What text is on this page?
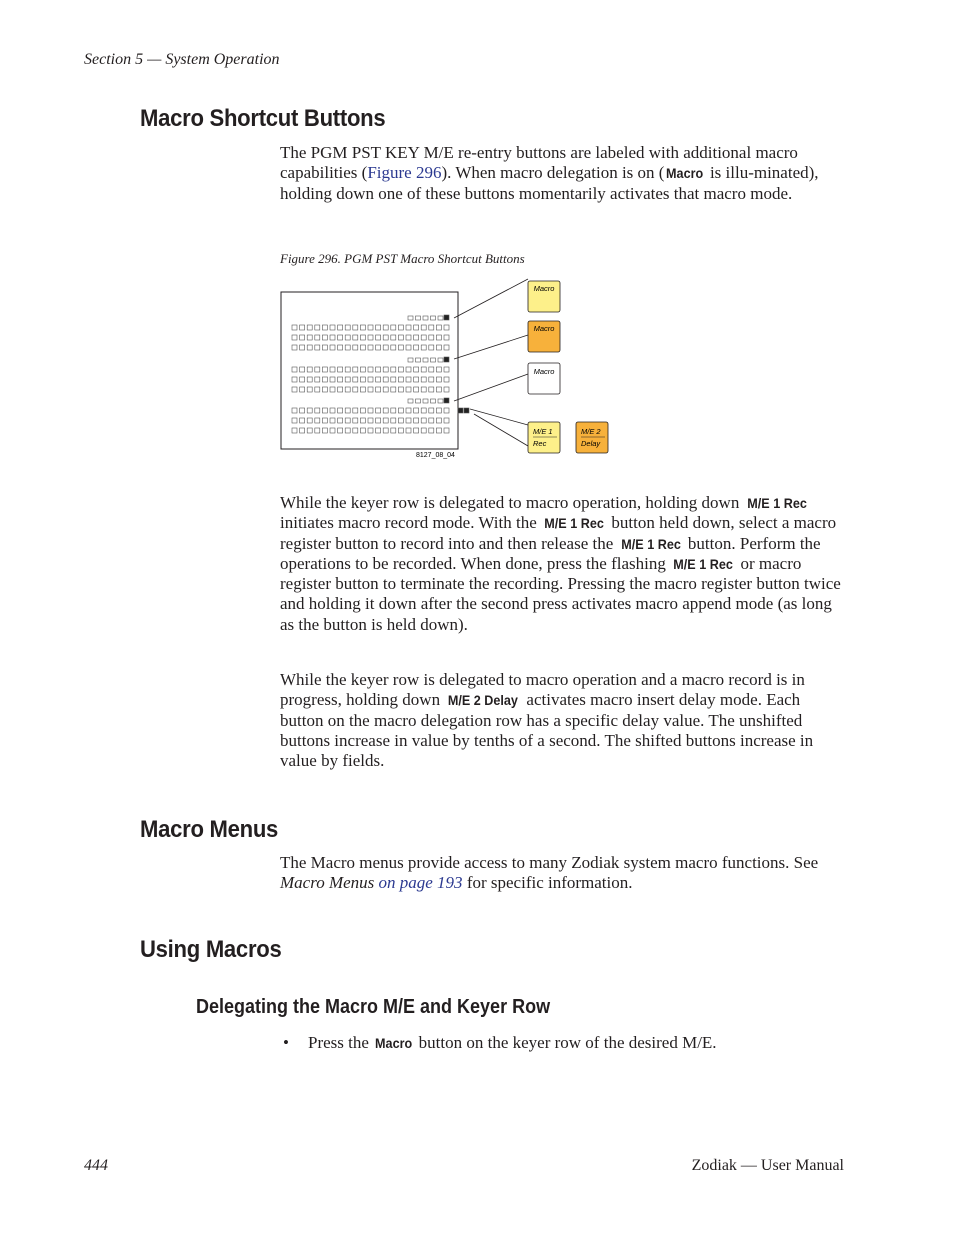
Section 5 — System Operation
Macro Shortcut Buttons

The PGM PST KEY M/E re-entry buttons are labeled with additional macro capabilities (Figure 296). When macro delegation is on ( Macro is illu-minated), holding down one of these buttons momentarily activates that macro mode.

Figure 296. PGM PST Macro Shortcut Buttons
Macro
Macro
Macro
M/E 1
Rec
M/E 2
Delay
8127_08_04

While the keyer row is delegated to macro operation, holding down M/E 1 Rec initiates macro record mode. With the M/E 1 Rec button held down, select a macro register button to record into and then release the M/E 1 Rec button. Perform the operations to be recorded. When done, press the flashing M/E 1 Rec or macro register button to terminate the recording. Pressing the macro register button twice and holding it down after the second press activates macro append mode (as long as the button is held down).

While the keyer row is delegated to macro operation and a macro record is in progress, holding down M/E 2 Delay activates macro insert delay mode. Each button on the macro delegation row has a specific delay value. The unshifted buttons increase in value by tenths of a second. The shifted buttons increase in value by fields.

Macro Menus

The Macro menus provide access to many Zodiak system macro functions. See Macro Menus on page 193 for specific information.

Using Macros
Delegating the Macro M/E and Keyer Row
• Press the Macro button on the keyer row of the desired M/E.

444	Zodiak — User Manual
